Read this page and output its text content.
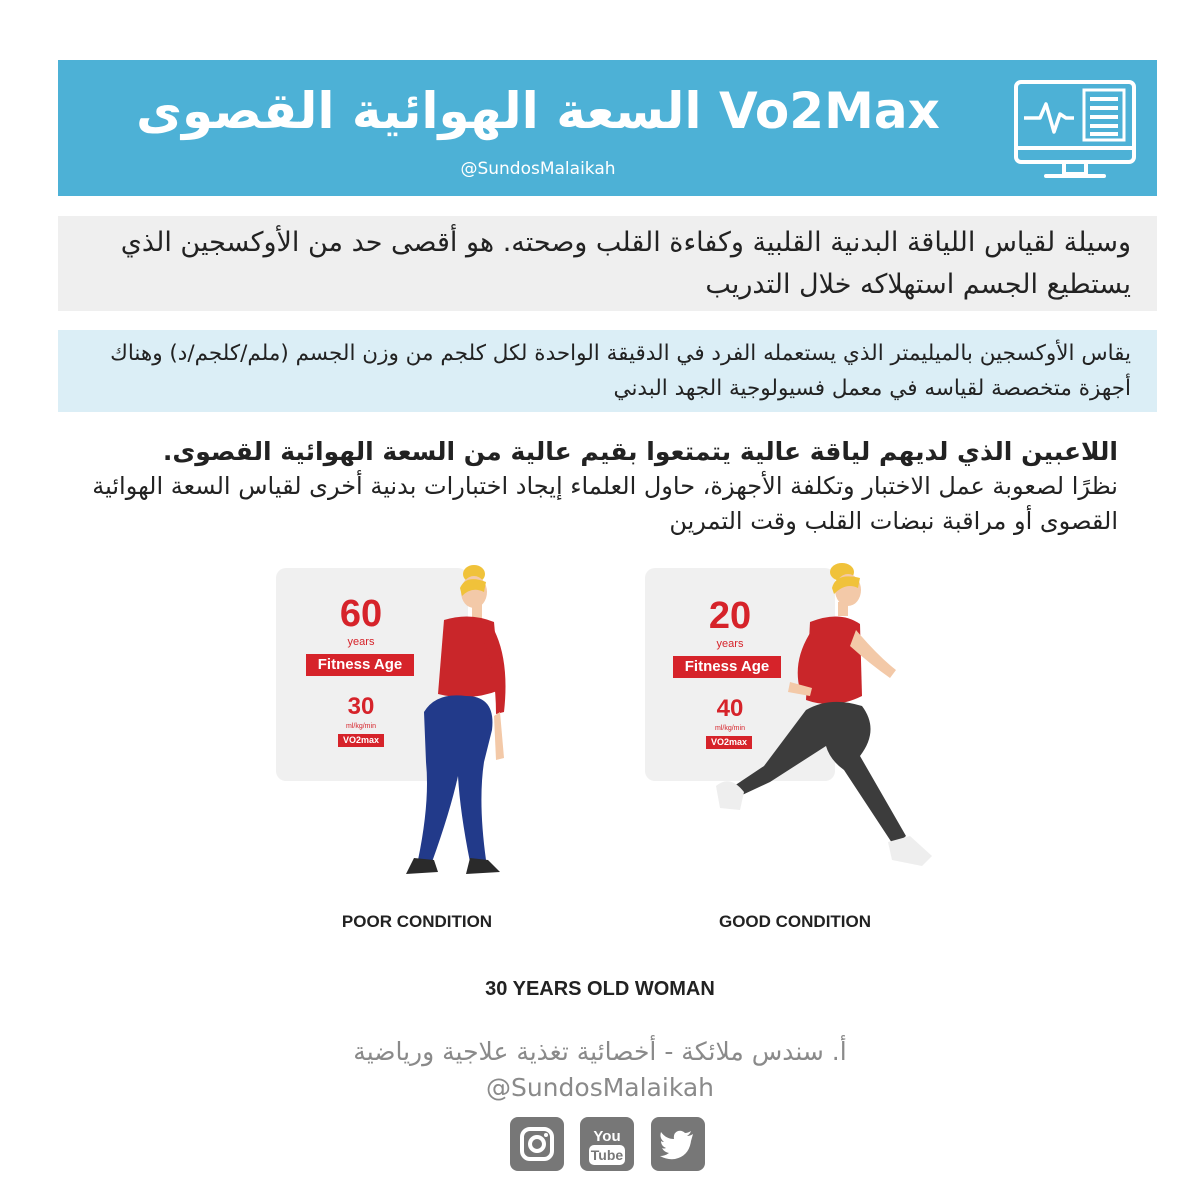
السعة الهوائية القصوى Vo2Max
@SundosMalaikah
وسيلة لقياس اللياقة البدنية القلبية وكفاءة القلب وصحته. هو أقصى حد من الأوكسجين الذي يستطيع الجسم استهلاكه خلال التدريب
يقاس الأوكسجين بالميليمتر الذي يستعمله الفرد في الدقيقة الواحدة لكل كلجم من وزن الجسم (ملم/كلجم/د) وهناك أجهزة متخصصة لقياسه في معمل فسيولوجية الجهد البدني
اللاعبين الذي لديهم لياقة عالية يتمتعوا بقيم عالية من السعة الهوائية القصوى.
نظرًا لصعوبة عمل الاختبار وتكلفة الأجهزة، حاول العلماء إيجاد اختبارات بدنية أخرى لقياس السعة الهوائية القصوى أو مراقبة نبضات القلب وقت التمرين
60
years
Fitness Age
30
ml/kg/min
VO2max
20
years
Fitness Age
40
ml/kg/min
VO2max
POOR CONDITION	GOOD CONDITION
30 YEARS OLD WOMAN
أ. سندس ملائكة - أخصائية تغذية علاجية ورياضية
@SundosMalaikah
You
Tube
